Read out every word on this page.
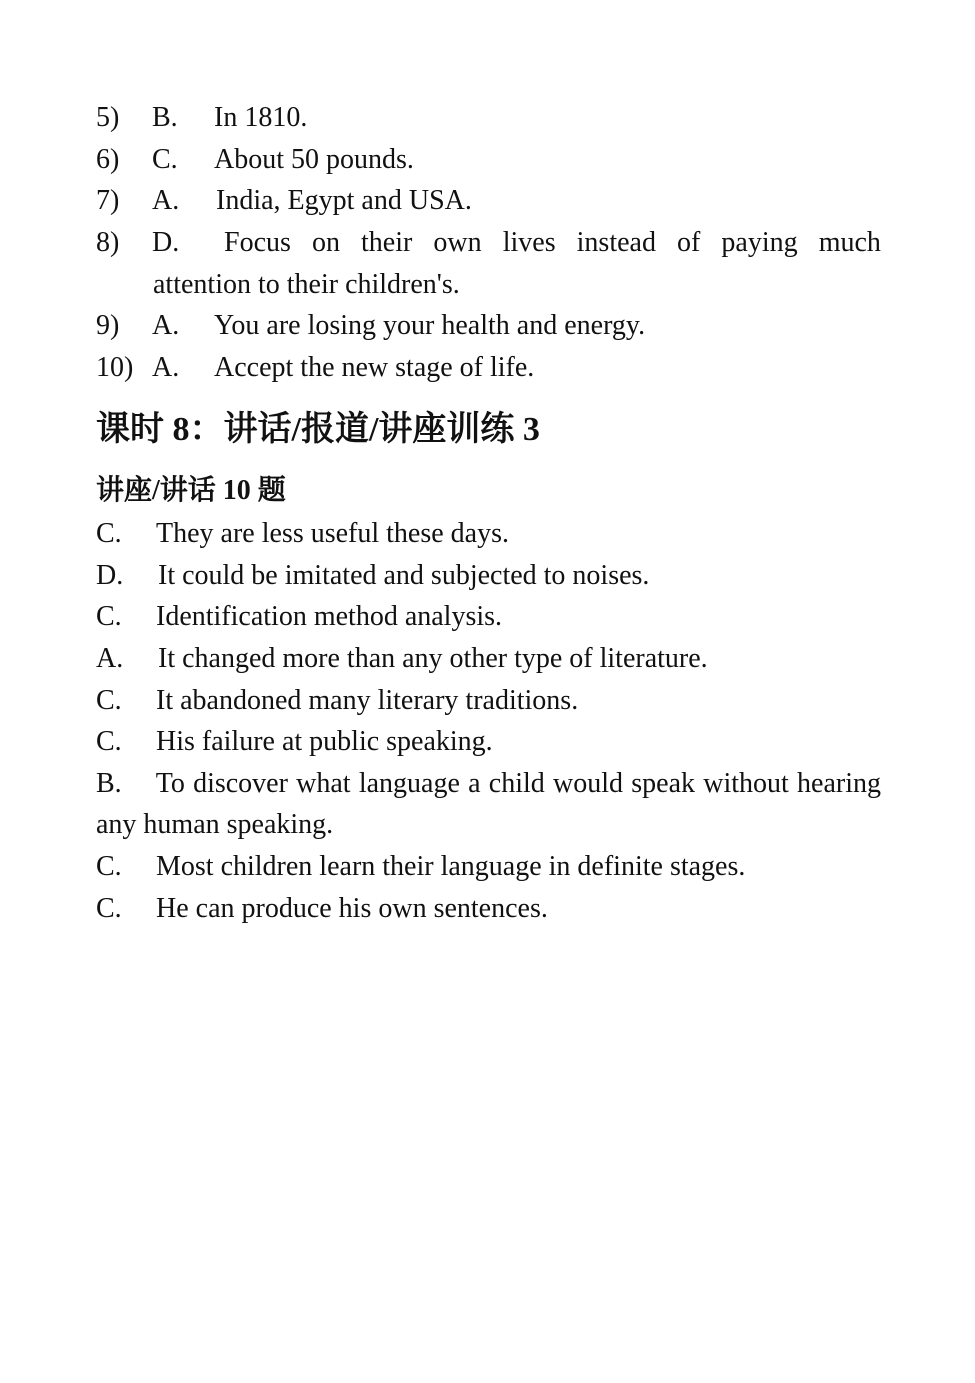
5) B. In 1810.
6) C. About 50 pounds.
7) A. India, Egypt and USA.
8) D. Focus on their own lives instead of paying much
attention to their children's.
9) A. You are losing your health and energy.
10) A. Accept the new stage of life.
课时 8：讲话/报道/讲座训练 3
讲座/讲话 10 题
C. They are less useful these days.
D. It could be imitated and subjected to noises.
C. Identification method analysis.
A. It changed more than any other type of literature.
C. It abandoned many literary traditions.
C. His failure at public speaking.
B. To discover what language a child would speak without hearing any human speaking.
C. Most children learn their language in definite stages.
C. He can produce his own sentences.
